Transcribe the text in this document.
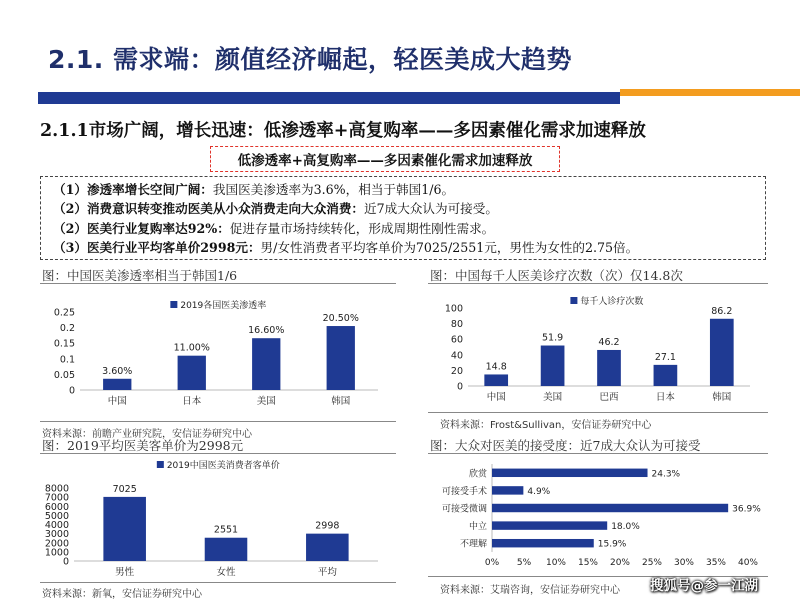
2.1. 需求端：颜值经济崛起，轻医美成大趋势
2.1.1市场广阔，增长迅速：低渗透率+高复购率——多因素催化需求加速释放
低渗透率+高复购率——多因素催化需求加速释放
（1）渗透率增长空间广阔：我国医美渗透率为3.6%，相当于韩国1/6。
（2）消费意识转变推动医美从小众消费走向大众消费：近7成大众认为可接受。
（2）医美行业复购率达92%：促进存量市场持续转化，形成周期性刚性需求。
（3）医美行业平均客单价2998元：男/女性消费者平均客单价为7025/2551元，男性为女性的2.75倍。
图：中国医美渗透率相当于韩国1/6
0
0.05
0.1
0.15
0.2
0.25
3.60%
中国
11.00%
日本
16.60%
美国
20.50%
韩国
2019各国医美渗透率
资料来源：前瞻产业研究院，安信证券研究中心
图：中国每千人医美诊疗次数（次）仅14.8次
0
20
40
60
80
100
14.8
中国
51.9
美国
46.2
巴西
27.1
日本
86.2
韩国
每千人诊疗次数
资料来源：Frost&Sullivan，安信证券研究中心
图：2019平均医美客单价为2998元
0
1000
2000
3000
4000
5000
6000
7000
8000	7025
男性
2551
女性
2998
平均
2019中国医美消费者客单价
资料来源：新氧，安信证券研究中心
图：大众对医美的接受度：近7成大众认为可接受
0% 5% 10% 15% 20% 25% 30% 35% 40%
24.3%
欣赏
4.9%
可接受手术
36.9%
可接受微调
18.0%
中立
15.9%
不理解
资料来源：艾瑞咨询，安信证券研究中心 搜狐号@参一江湖
